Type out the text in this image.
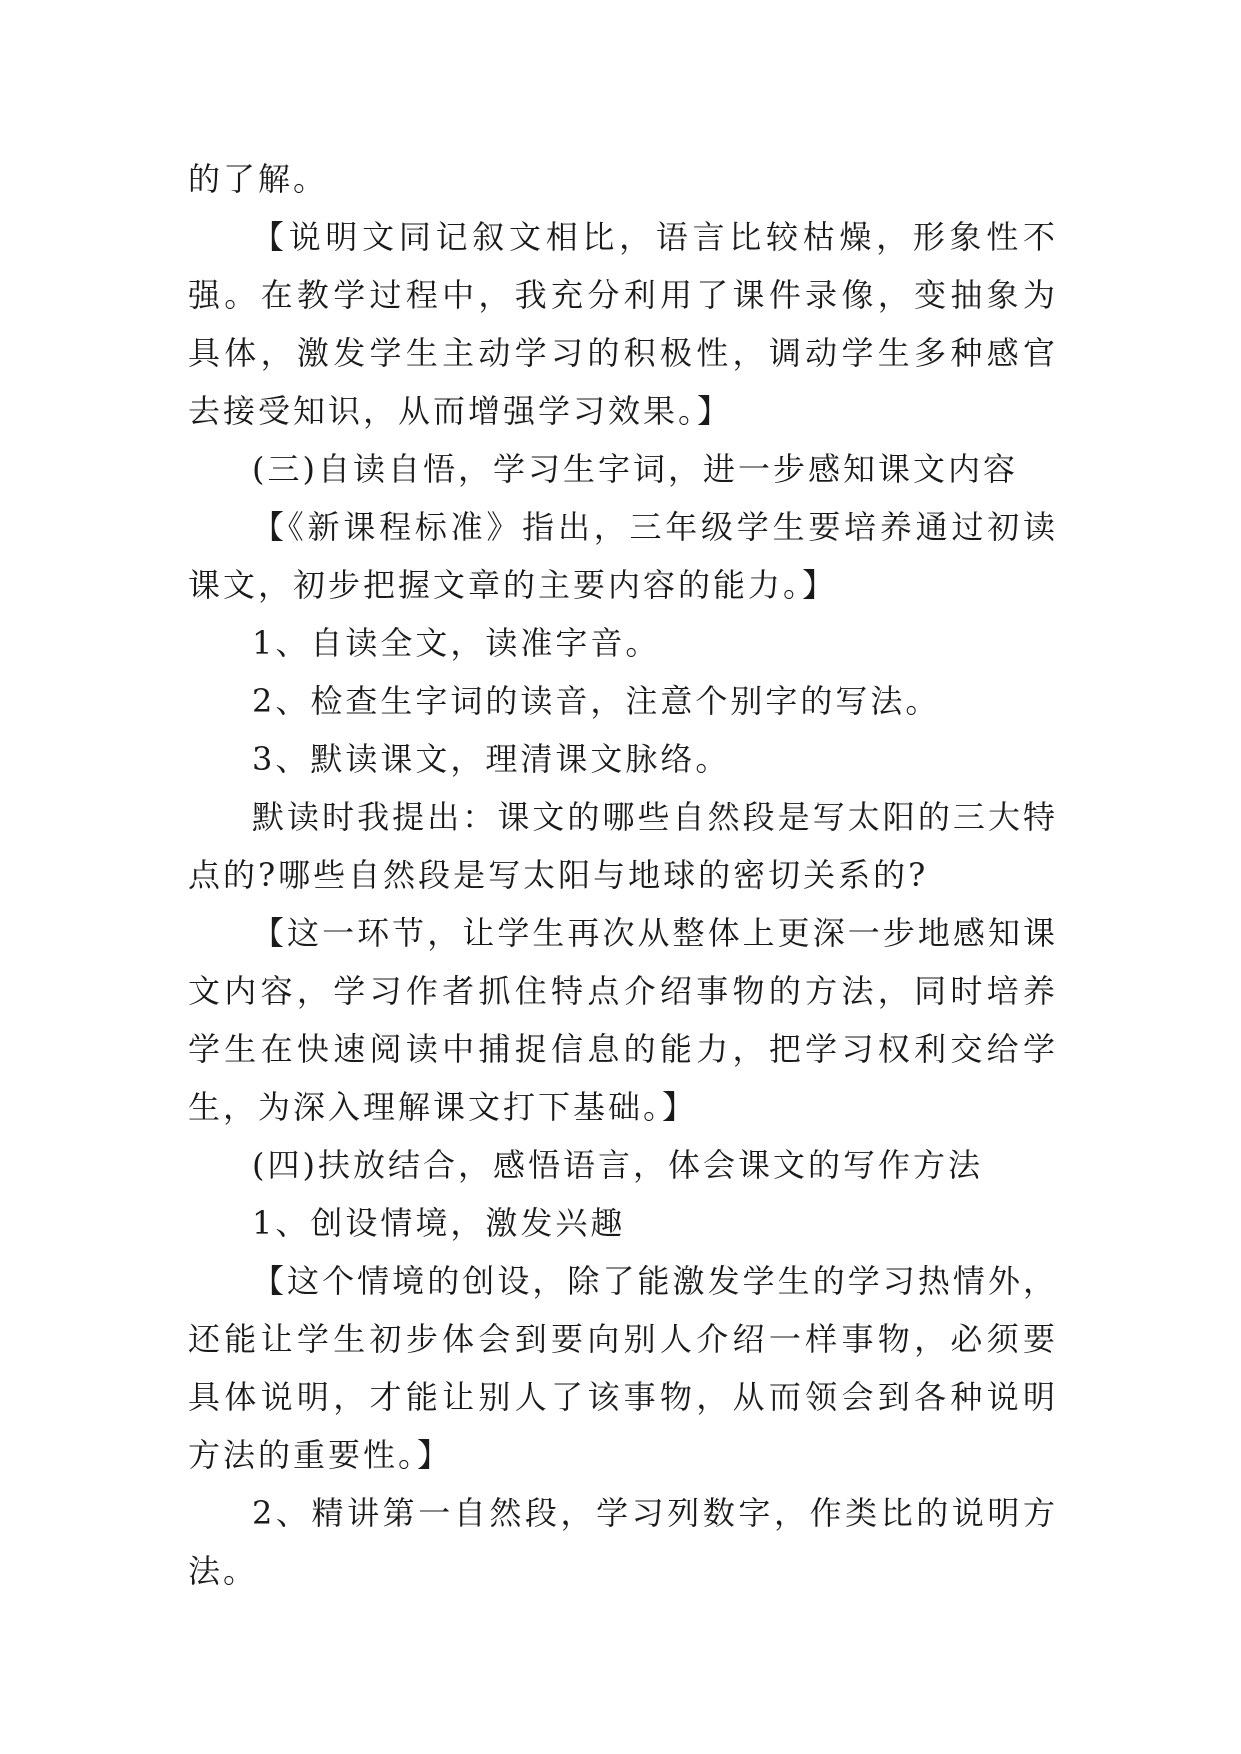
的了解。

【说明文同记叙文相比，语言比较枯燥，形象性不强。在教学过程中，我充分利用了课件录像，变抽象为具体，激发学生主动学习的积极性，调动学生多种感官去接受知识，从而增强学习效果。】

(三)自读自悟，学习生字词，进一步感知课文内容

【《新课程标准》指出，三年级学生要培养通过初读课文，初步把握文章的主要内容的能力。】

1、自读全文，读准字音。

2、检查生字词的读音，注意个别字的写法。

3、默读课文，理清课文脉络。

默读时我提出：课文的哪些自然段是写太阳的三大特点的?哪些自然段是写太阳与地球的密切关系的?

【这一环节，让学生再次从整体上更深一步地感知课文内容，学习作者抓住特点介绍事物的方法，同时培养学生在快速阅读中捕捉信息的能力，把学习权利交给学生，为深入理解课文打下基础。】

(四)扶放结合，感悟语言，体会课文的写作方法

1、创设情境，激发兴趣

【这个情境的创设，除了能激发学生的学习热情外，还能让学生初步体会到要向别人介绍一样事物，必须要具体说明，才能让别人了该事物，从而领会到各种说明方法的重要性。】

2、精讲第一自然段，学习列数字，作类比的说明方法。
